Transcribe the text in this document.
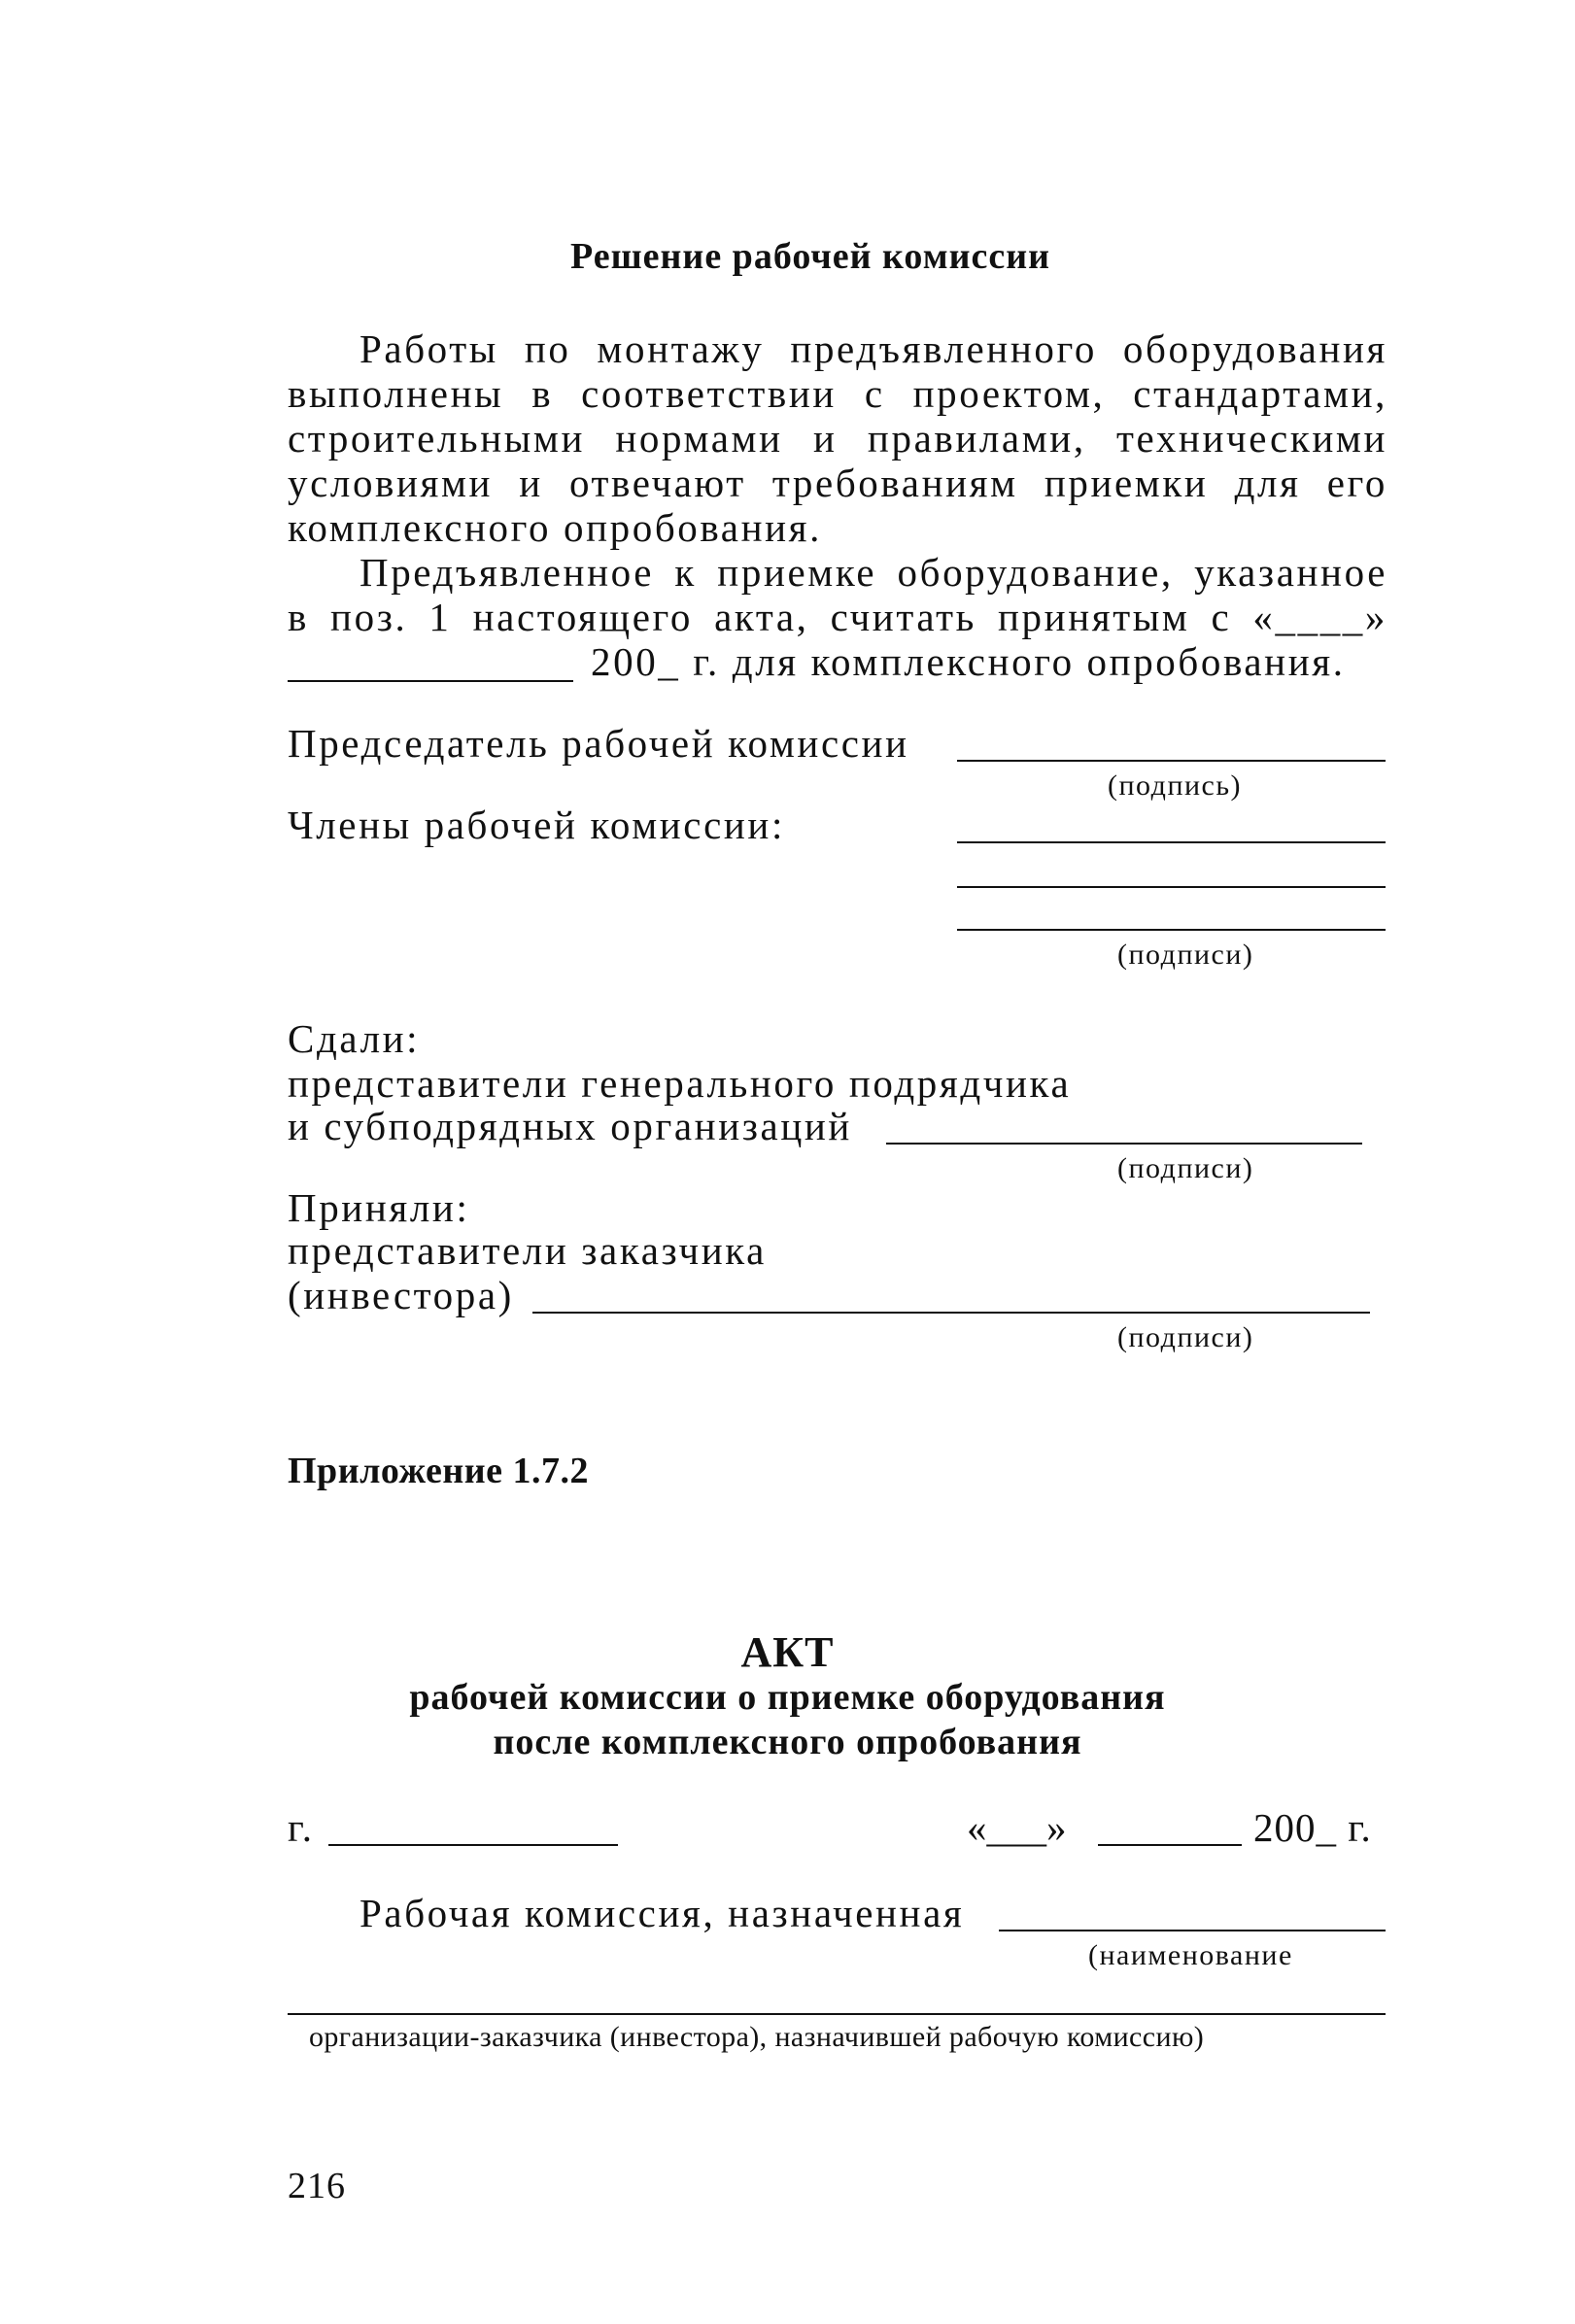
Решение рабочей комиссии
Работы по монтажу предъявленного оборудования
выполнены в соответствии с проектом, стандартами,
строительными нормами и правилами, техническими
условиями и отвечают требованиям приемки для его
комплексного опробования.
Предъявленное к приемке оборудование, указанное
в поз. 1 настоящего акта, считать принятым с «____»
200_ г. для комплексного опробования.
Председатель рабочей комиссии
(подпись)
Члены рабочей комиссии:
(подписи)
Сдали:
представители генерального подрядчика
и субподрядных организаций
(подписи)
Приняли:
представители заказчика
(инвестора)
(подписи)
Приложение 1.7.2
АКТ
рабочей комиссии о приемке оборудования
после комплексного опробования
г.	«___»	200_ г.
Рабочая комиссия, назначенная
(наименование
организации-заказчика (инвестора), назначившей рабочую комиссию)
216
